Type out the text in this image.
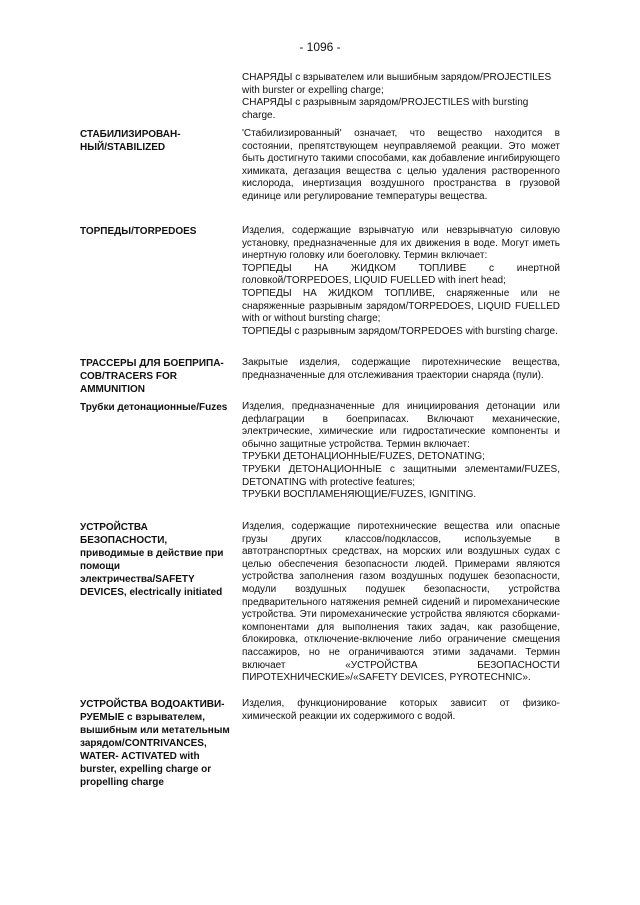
- 1096 -

СНАРЯДЫ с взрывателем или вышибным зарядом/PROJECTILES with burster or expelling charge;

СНАРЯДЫ с разрывным зарядом/PROJECTILES with bursting charge.

СТАБИЛИЗИРОВАН-НЫЙ/STABILIZED

'Стабилизированный' означает, что вещество находится в состоянии, препятствующем неуправляемой реакции. Это может быть достигнуто такими способами, как добавление ингибирующего химиката, дегазация вещества с целью удаления растворенного кислорода, инертизация воздушного пространства в грузовой единице или регулирование температуры вещества.

ТОРПЕДЫ/TORPEDOES	Изделия, содержащие взрывчатую или невзрывчатую силовую установку, предназначенные для их движения в воде. Могут иметь инертную головку или боеголовку. Термин включает:

ТОРПЕДЫ НА ЖИДКОМ ТОПЛИВЕ с инертной головкой/TORPEDOES, LIQUID FUELLED with inert head;

ТОРПЕДЫ НА ЖИДКОМ ТОПЛИВЕ, снаряженные или не снаряженные разрывным зарядом/TORPEDOES, LIQUID FUELLED with or without bursting charge;

ТОРПЕДЫ с разрывным зарядом/TORPEDOES with bursting charge.

ТРАССЕРЫ ДЛЯ БОЕПРИПА-СОВ/TRACERS FOR AMMUNITION

Закрытые изделия, содержащие пиротехнические вещества, предназначенные для отслеживания траектории снаряда (пули).

Трубки детонационные/Fuzes	Изделия, предназначенные для инициирования детонации или дефлаграции в боеприпасах. Включают механические, электрические, химические или гидростатические компоненты и обычно защитные устройства. Термин включает:

ТРУБКИ ДЕТОНАЦИОННЫЕ/FUZES, DETONATING;

ТРУБКИ ДЕТОНАЦИОННЫЕ с защитными элементами/FUZES, DETONATING with protective features;

ТРУБКИ ВОСПЛАМЕНЯЮЩИЕ/FUZES, IGNITING.

УСТРОЙСТВА БЕЗОПАСНОСТИ, приводимые в действие при помощи электричества/SAFETY DEVICES, electrically initiated

Изделия, содержащие пиротехнические вещества или опасные грузы других классов/подклассов, используемые в автотранспортных средствах, на морских или воздушных судах с целью обеспечения безопасности людей. Примерами являются устройства заполнения газом воздушных подушек безопасности, модули воздушных подушек безопасности, устройства предварительного натяжения ремней сидений и пиромеханические устройства. Эти пиромеханические устройства являются сборками-компонентами для выполнения таких задач, как разобщение, блокировка, отключение-включение либо ограничение смещения пассажиров, но не ограничиваются этими задачами. Термин включает «УСТРОЙСТВА БЕЗОПАСНОСТИ ПИРОТЕХНИЧЕСКИЕ»/«SAFETY DEVICES, PYROTECHNIC».

УСТРОЙСТВА ВОДОАКТИВИ-РУЕМЫЕ с взрывателем, вышибным или метательным зарядом/CONTRIVANCES, WATER- ACTIVATED with burster, expelling charge or propelling charge

Изделия, функционирование которых зависит от физико-химической реакции их содержимого с водой.
